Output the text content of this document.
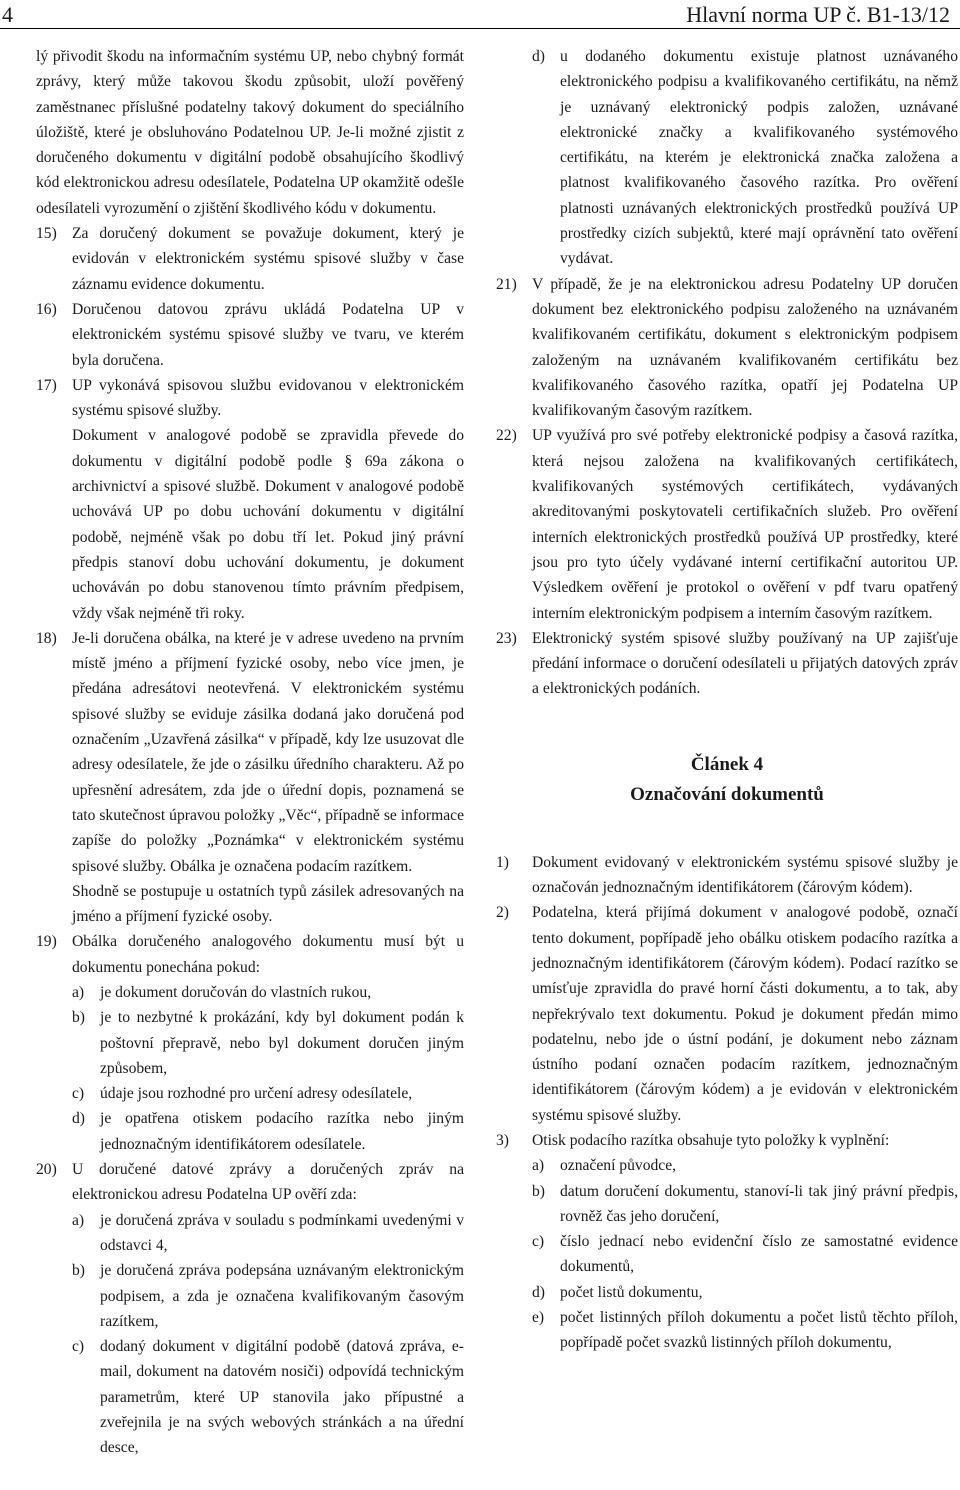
4	Hlavní norma UP č. B1-13/12

lý přivodit škodu na informačním systému UP, nebo chybný formát zprávy, který může takovou škodu způsobit, uloží pověřený zaměstnanec příslušné podatelny takový dokument do speciálního úložiště, které je obsluhováno Podatelnou UP. Je-li možné zjistit z doručeného dokumentu v digitální podobě obsahujícího škodlivý kód elektronickou adresu odesílatele, Podatelna UP okamžitě odešle odesílateli vyrozumění o zjištění škodlivého kódu v dokumentu.

15) Za doručený dokument se považuje dokument, který je evidován v elektronickém systému spisové služby v čase záznamu evidence dokumentu.
16) Doručenou datovou zprávu ukládá Podatelna UP v elektronickém systému spisové služby ve tvaru, ve kterém byla doručena.
17) UP vykonává spisovou službu evidovanou v elektronickém systému spisové služby.

Dokument v analogové podobě se zpravidla převede do dokumentu v digitální podobě podle § 69a zákona o archivnictví a spisové službě. Dokument v analogové podobě uchovává UP po dobu uchování dokumentu v digitální podobě, nejméně však po dobu tří let. Pokud jiný právní předpis stanoví dobu uchování dokumentu, je dokument uchováván po dobu stanovenou tímto právním předpisem, vždy však nejméně tři roky.

18) Je-li doručena obálka, na které je v adrese uvedeno na prvním místě jméno a příjmení fyzické osoby, nebo více jmen, je předána adresátovi neotevřená. V elektronickém systému spisové služby se eviduje zásilka dodaná jako doručená pod označením „Uzavřená zásilka“ v případě, kdy lze usuzovat dle adresy odesílatele, že jde o zásilku úředního charakteru. Až po upřesnění adresátem, zda jde o úřední dopis, poznamená se tato skutečnost úpravou položky „Věc“, případně se informace zapíše do položky „Poznámka“ v elektronickém systému spisové služby. Obálka je označena podacím razítkem.

Shodně se postupuje u ostatních typů zásilek adresovaných na jméno a příjmení fyzické osoby.

19) Obálka doručeného analogového dokumentu musí být u dokumentu ponechána pokud:
a) je dokument doručován do vlastních rukou,
b) je to nezbytné k prokázání, kdy byl dokument podán k poštovní přepravě, nebo byl dokument doručen jiným způsobem,
c) údaje jsou rozhodné pro určení adresy odesílatele,
d) je opatřena otiskem podacího razítka nebo jiným jednoznačným identifikátorem odesílatele.
20) U doručené datové zprávy a doručených zpráv na elektronickou adresu Podatelna UP ověří zda:
a) je doručená zpráva v souladu s podmínkami uvedenými v odstavci 4,
b) je doručená zpráva podepsána uznávaným elektronickým podpisem, a zda je označena kvalifikovaným časovým razítkem,
c) dodaný dokument v digitální podobě (datová zpráva, e-mail, dokument na datovém nosiči) odpovídá technickým parametrům, které UP stanovila jako přípustné a zveřejnila je na svých webových stránkách a na úřední desce,
d) u dodaného dokumentu existuje platnost uznávaného elektronického podpisu a kvalifikovaného certifikátu, na němž je uznávaný elektronický podpis založen, uznávané elektronické značky a kvalifikovaného systémového certifikátu, na kterém je elektronická značka založena a platnost kvalifikovaného časového razítka. Pro ověření platnosti uznávaných elektronických prostředků používá UP prostředky cizích subjektů, které mají oprávnění tato ověření vydávat.
21) V případě, že je na elektronickou adresu Podatelny UP doručen dokument bez elektronického podpisu založeného na uznávaném kvalifikovaném certifikátu, dokument s elektronickým podpisem založeným na uznávaném kvalifikovaném certifikátu bez kvalifikovaného časového razítka, opatří jej Podatelna UP kvalifikovaným časovým razítkem.
22) UP využívá pro své potřeby elektronické podpisy a časová razítka, která nejsou založena na kvalifikovaných certifikátech, kvalifikovaných systémových certifikátech, vydávaných akreditovanými poskytovateli certifikačních služeb. Pro ověření interních elektronických prostředků používá UP prostředky, které jsou pro tyto účely vydávané interní certifikační autoritou UP. Výsledkem ověření je protokol o ověření v pdf tvaru opatřený interním elektronickým podpisem a interním časovým razítkem.
23) Elektronický systém spisové služby používaný na UP zajišťuje předání informace o doručení odesílateli u přijatých datových zpráv a elektronických podáních.
Článek 4
Označování dokumentů
1) Dokument evidovaný v elektronickém systému spisové služby je označován jednoznačným identifikátorem (čárovým kódem).
2) Podatelna, která přijímá dokument v analogové podobě, označí tento dokument, popřípadě jeho obálku otiskem podacího razítka a jednoznačným identifikátorem (čárovým kódem). Podací razítko se umísťuje zpravidla do pravé horní části dokumentu, a to tak, aby nepřekrývalo text dokumentu. Pokud je dokument předán mimo podatelnu, nebo jde o ústní podání, je dokument nebo záznam ústního podaní označen podacím razítkem, jednoznačným identifikátorem (čárovým kódem) a je evidován v elektronickém systému spisové služby.
3) Otisk podacího razítka obsahuje tyto položky k vyplnění:
a) označení původce,
b) datum doručení dokumentu, stanoví-li tak jiný právní předpis, rovněž čas jeho doručení,
c) číslo jednací nebo evidenční číslo ze samostatné evidence dokumentů,
d) počet listů dokumentu,
e) počet listinných příloh dokumentu a počet listů těchto příloh, popřípadě počet svazků listinných příloh dokumentu,
